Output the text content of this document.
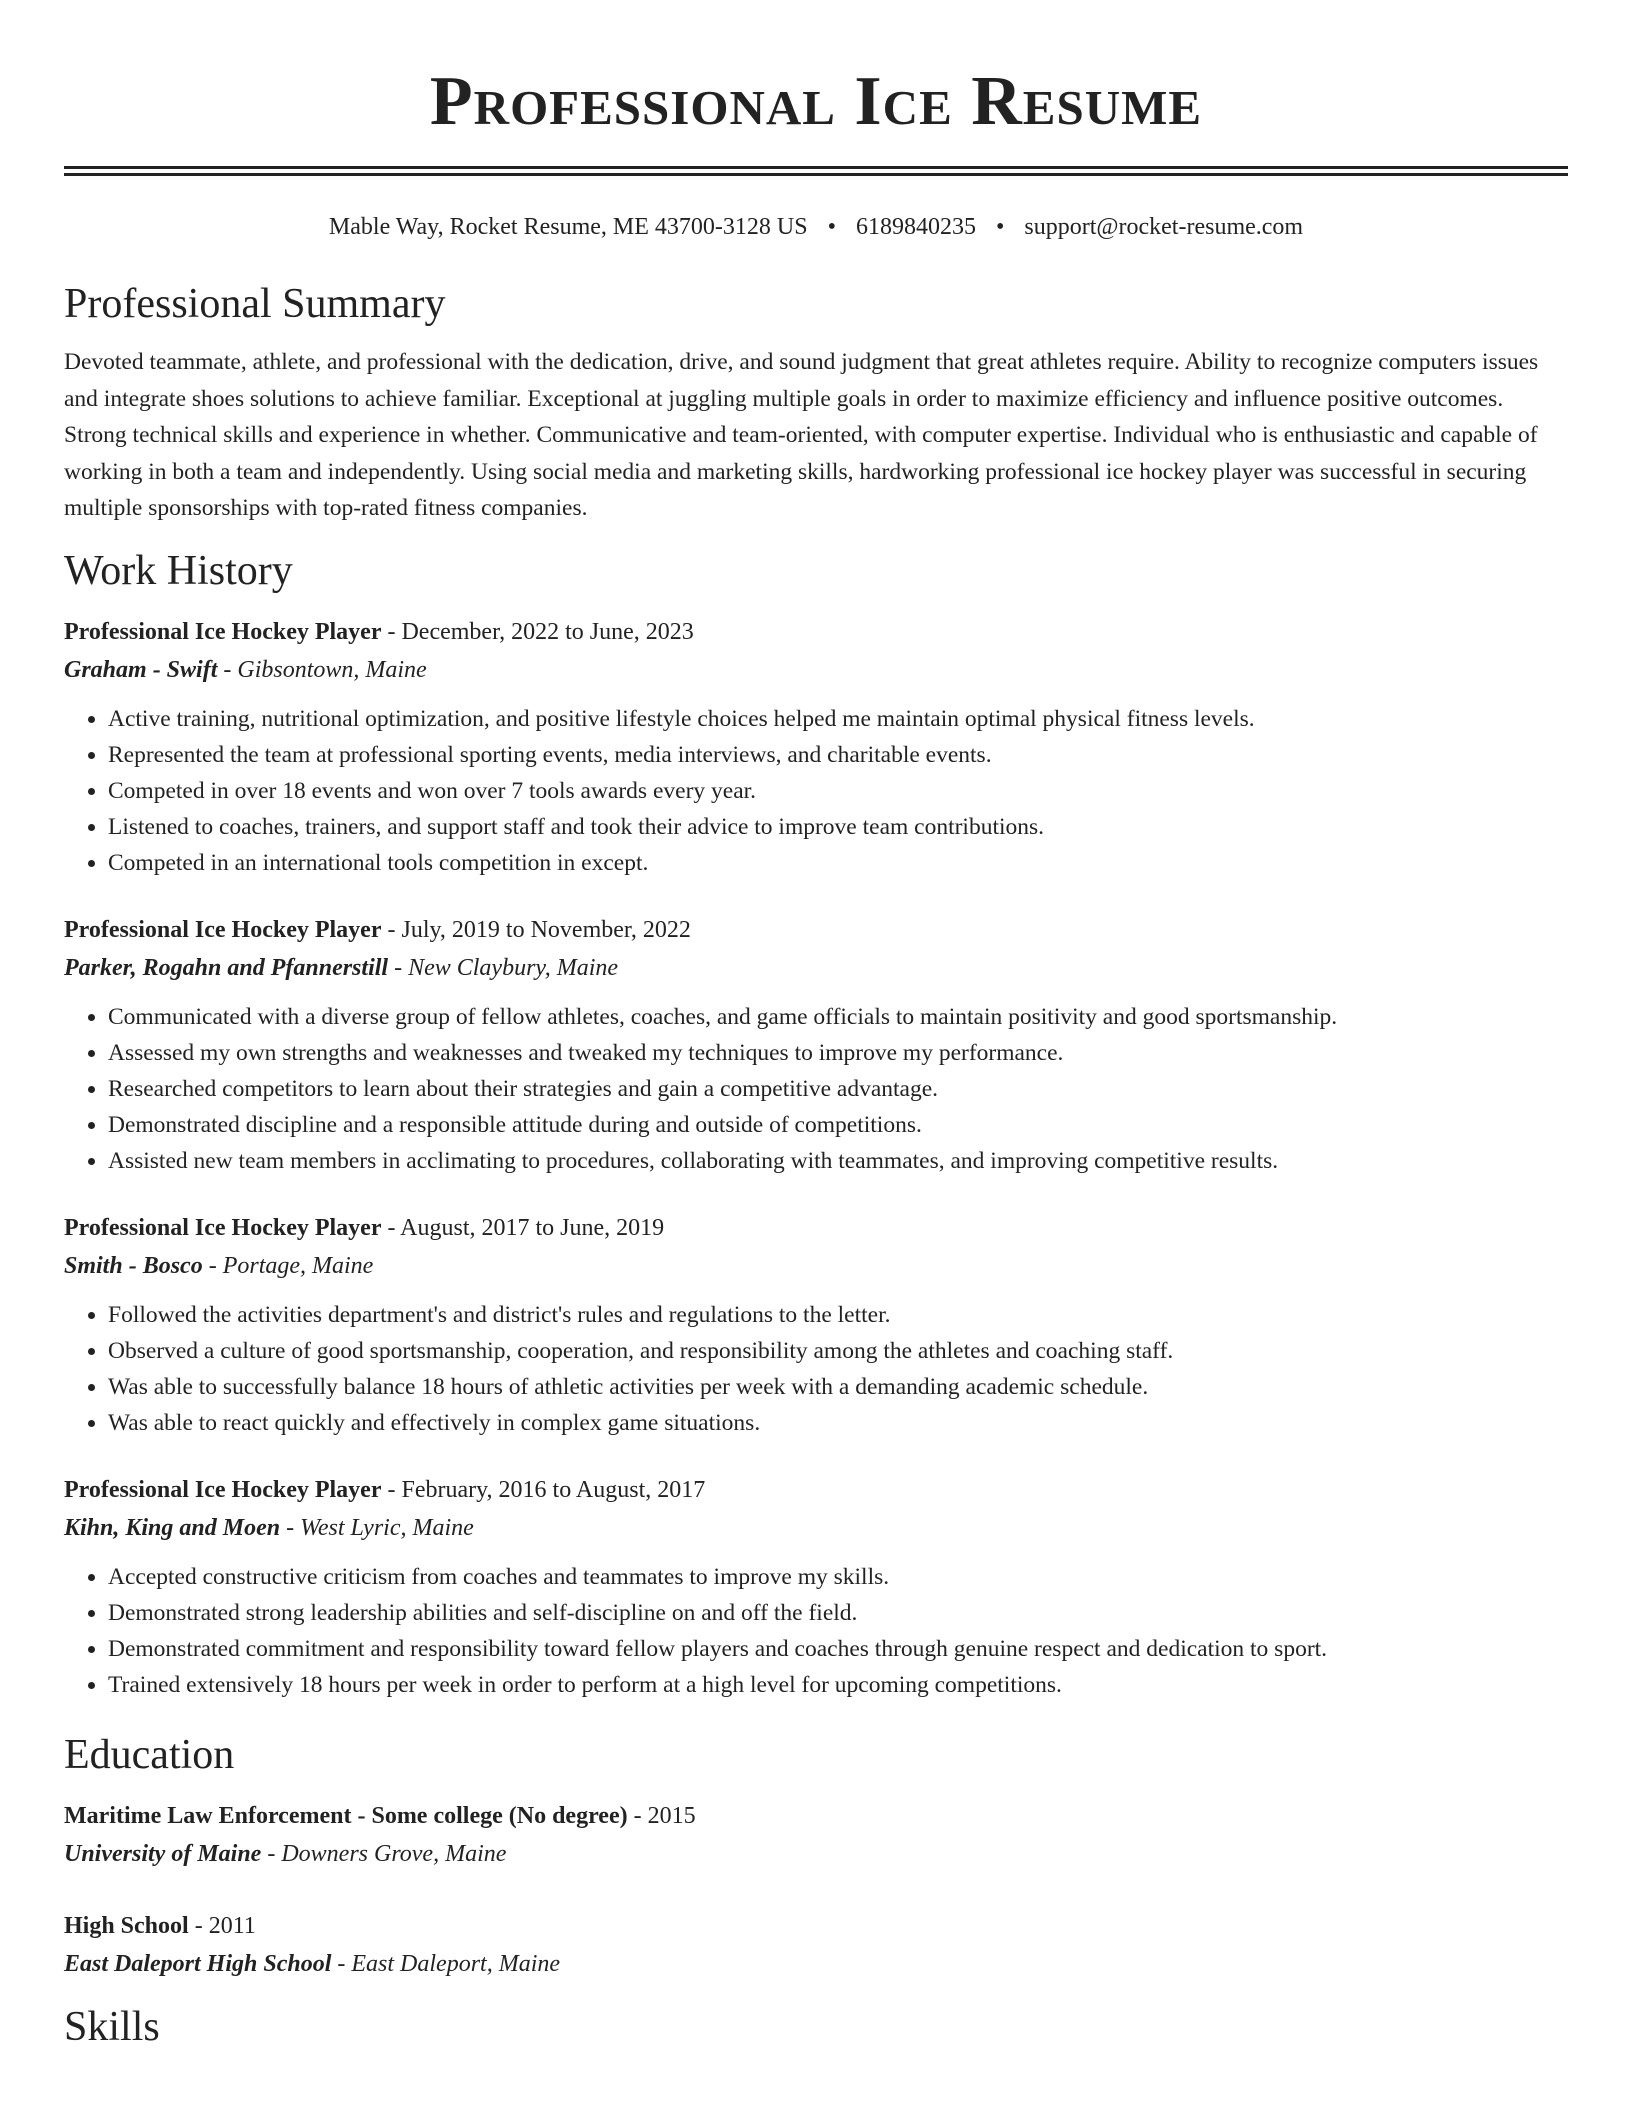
Professional Ice Resume
Mable Way, Rocket Resume, ME 43700-3128 US • 6189840235 • support@rocket-resume.com
Professional Summary

Devoted teammate, athlete, and professional with the dedication, drive, and sound judgment that great athletes require. Ability to recognize computers issues and integrate shoes solutions to achieve familiar. Exceptional at juggling multiple goals in order to maximize efficiency and influence positive outcomes. Strong technical skills and experience in whether. Communicative and team-oriented, with computer expertise. Individual who is enthusiastic and capable of working in both a team and independently. Using social media and marketing skills, hardworking professional ice hockey player was successful in securing multiple sponsorships with top-rated fitness companies.

Work History
Professional Ice Hockey Player - December, 2022 to June, 2023
Graham - Swift - Gibsontown, Maine
• Active training, nutritional optimization, and positive lifestyle choices helped me maintain optimal physical fitness levels.
• Represented the team at professional sporting events, media interviews, and charitable events.
• Competed in over 18 events and won over 7 tools awards every year.
• Listened to coaches, trainers, and support staff and took their advice to improve team contributions.
• Competed in an international tools competition in except.
Professional Ice Hockey Player - July, 2019 to November, 2022
Parker, Rogahn and Pfannerstill - New Claybury, Maine
• Communicated with a diverse group of fellow athletes, coaches, and game officials to maintain positivity and good sportsmanship.
• Assessed my own strengths and weaknesses and tweaked my techniques to improve my performance.
• Researched competitors to learn about their strategies and gain a competitive advantage.
• Demonstrated discipline and a responsible attitude during and outside of competitions.
• Assisted new team members in acclimating to procedures, collaborating with teammates, and improving competitive results.
Professional Ice Hockey Player - August, 2017 to June, 2019
Smith - Bosco - Portage, Maine
• Followed the activities department's and district's rules and regulations to the letter.
• Observed a culture of good sportsmanship, cooperation, and responsibility among the athletes and coaching staff.
• Was able to successfully balance 18 hours of athletic activities per week with a demanding academic schedule.
• Was able to react quickly and effectively in complex game situations.
Professional Ice Hockey Player - February, 2016 to August, 2017
Kihn, King and Moen - West Lyric, Maine
• Accepted constructive criticism from coaches and teammates to improve my skills.
• Demonstrated strong leadership abilities and self-discipline on and off the field.
• Demonstrated commitment and responsibility toward fellow players and coaches through genuine respect and dedication to sport.
• Trained extensively 18 hours per week in order to perform at a high level for upcoming competitions.
Education
Maritime Law Enforcement - Some college (No degree) - 2015
University of Maine - Downers Grove, Maine
High School - 2011
East Daleport High School - East Daleport, Maine
Skills
